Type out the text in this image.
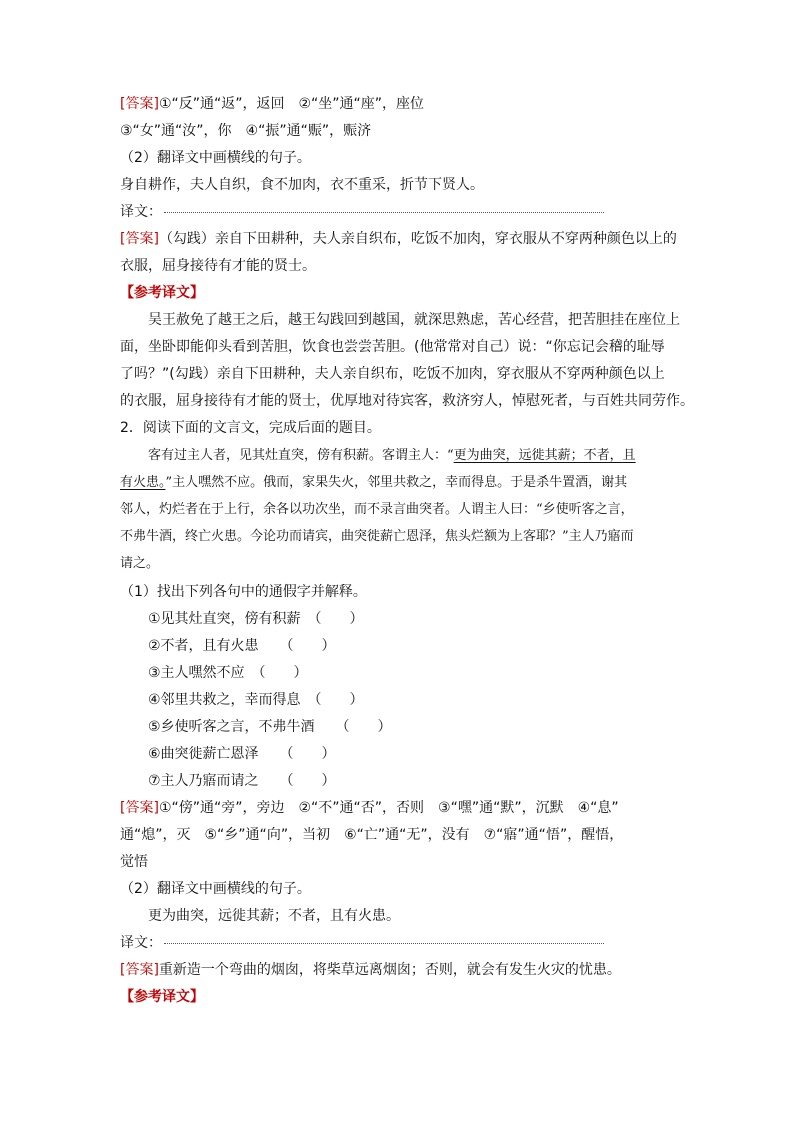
[答案]①“反”通“返”，返回　②“坐”通“座”，座位
③“女”通“汝”，你　④“振”通“赈”，赈济
（2）翻译文中画横线的句子。
身自耕作，夫人自织，食不加肉，衣不重采，折节下贤人。
译文：
[答案]（勾践）亲自下田耕种，夫人亲自织布，吃饭不加肉，穿衣服从不穿两种颜色以上的
衣服，屈身接待有才能的贤士。
【参考译文】
吴王赦免了越王之后，越王勾践回到越国，就深思熟虑，苦心经营，把苦胆挂在座位上
面，坐卧即能仰头看到苦胆，饮食也尝尝苦胆。(他常常对自己）说：“你忘记会稽的耻辱
了吗？”(勾践）亲自下田耕种，夫人亲自织布，吃饭不加肉，穿衣服从不穿两种颜色以上
的衣服，屈身接待有才能的贤士，优厚地对待宾客，救济穷人，悼慰死者，与百姓共同劳作。
2．阅读下面的文言文，完成后面的题目。
客有过主人者，见其灶直突，傍有积薪。客谓主人：“更为曲突，远徙其薪；不者，且
有火患。”主人嘿然不应。俄而，家果失火，邻里共救之，幸而得息。于是杀牛置酒，谢其
邻人，灼烂者在于上行，余各以功次坐，而不录言曲突者。人谓主人曰：“乡使听客之言，
不弗牛酒，终亡火患。今论功而请宾，曲突徙薪亡恩泽，焦头烂额为上客耶？”主人乃寤而
请之。
（1）找出下列各句中的通假字并解释。
①见其灶直突，傍有积薪　（　　）
②不者，且有火患　　（　　）
③主人嘿然不应　（　　）
④邻里共救之，幸而得息　（　　）
⑤乡使听客之言，不弗牛酒　　（　　）
⑥曲突徙薪亡恩泽　　（　　）
⑦主人乃寤而请之　　（　　）
[答案]①“傍”通“旁”，旁边　②“不”通“否”，否则　③“嘿”通“默”，沉默　④“息”
通“熄”，灭　⑤“乡”通“向”，当初　⑥“亡”通“无”，没有　⑦“寤”通“悟”，醒悟，
觉悟
（2）翻译文中画横线的句子。
更为曲突，远徙其薪；不者，且有火患。
译文：
[答案]重新造一个弯曲的烟囱，将柴草远离烟囱；否则，就会有发生火灾的忧患。
【参考译文】
